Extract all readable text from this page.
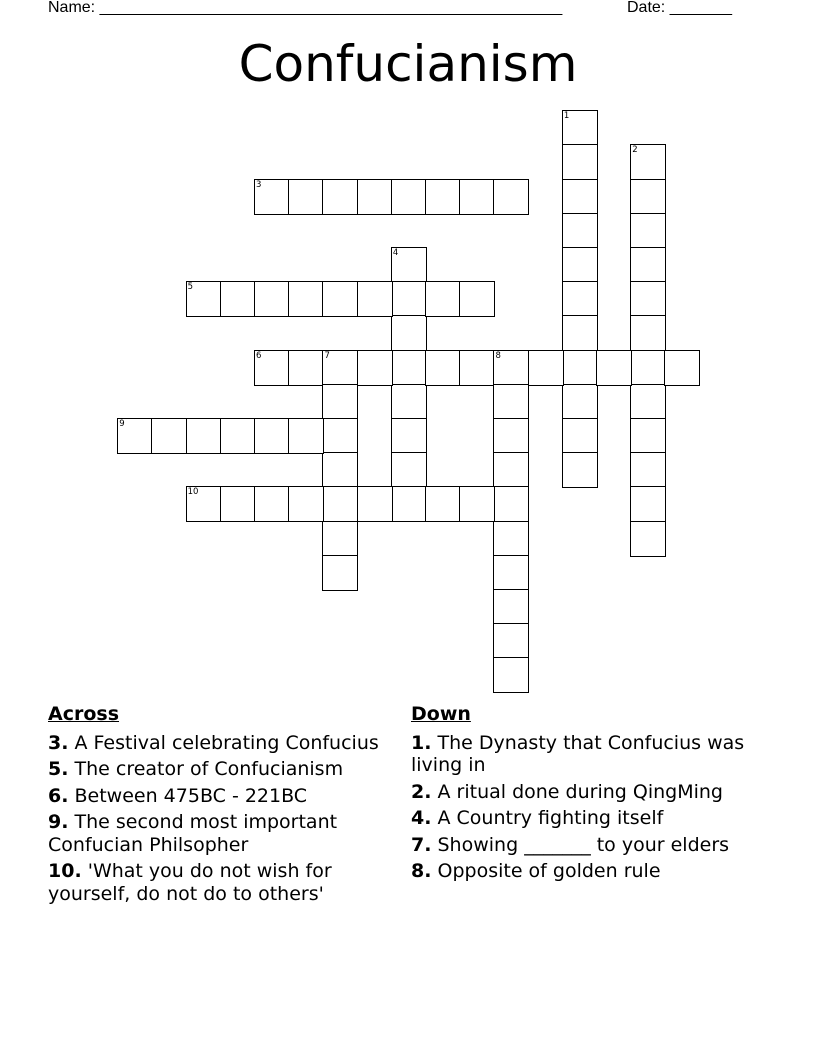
Name: ____________________________________________________	Date: _______
Confucianism
1
2
3
4
5
6	7	8
9
10
Across
3. A Festival celebrating Confucius
5. The creator of Confucianism
6. Between 475BC - 221BC
9. The second most important Confucian Philsopher
10. 'What you do not wish for yourself, do not do to others'
Down
1. The Dynasty that Confucius was living in
2. A ritual done during QingMing
4. A Country fighting itself
7. Showing _______ to your elders
8. Opposite of golden rule
